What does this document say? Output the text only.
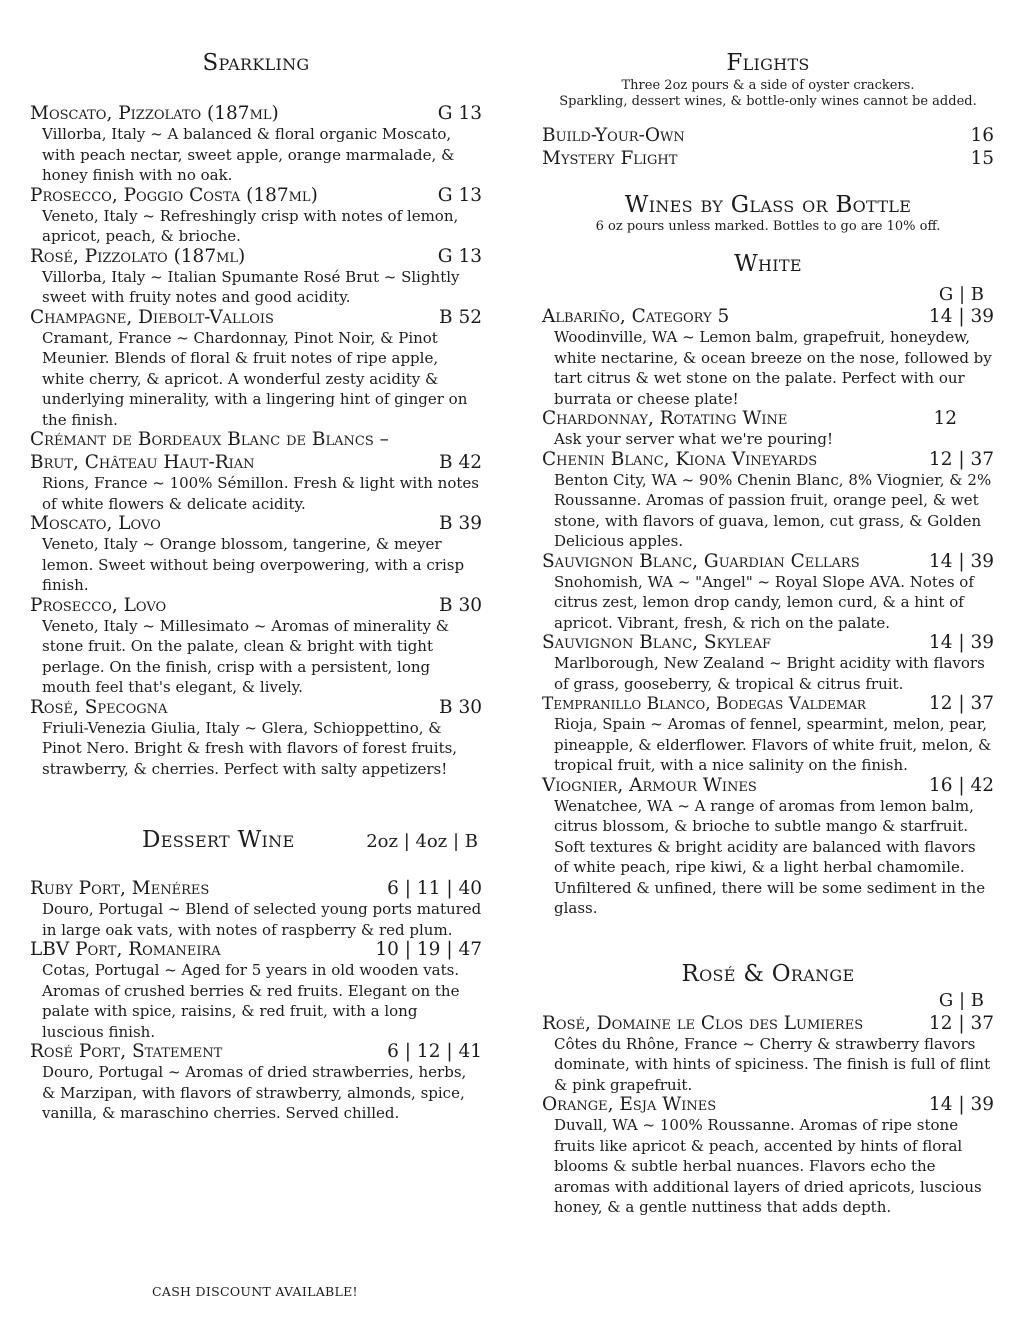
Sparkling
Moscato, Pizzolato (187ml)	G 13
Villorba, Italy ~ A balanced & floral organic Moscato, with peach nectar, sweet apple, orange marmalade, & honey finish with no oak.
Prosecco, Poggio Costa (187ml)	G 13
Veneto, Italy ~ Refreshingly crisp with notes of lemon, apricot, peach, & brioche.
Rosé, Pizzolato (187ml)	G 13
Villorba, Italy ~ Italian Spumante Rosé Brut ~ Slightly sweet with fruity notes and good acidity.
Champagne, Diebolt-Vallois	B 52
Cramant, France ~ Chardonnay, Pinot Noir, & Pinot Meunier. Blends of floral & fruit notes of ripe apple, white cherry, & apricot. A wonderful zesty acidity & underlying minerality, with a lingering hint of ginger on the finish.
Crémant de Bordeaux Blanc de Blancs –
Brut, Château Haut-Rian	B 42
Rions, France ~ 100% Sémillon. Fresh & light with notes of white flowers & delicate acidity.
Moscato, Lovo	B 39
Veneto, Italy ~ Orange blossom, tangerine, & meyer lemon. Sweet without being overpowering, with a crisp finish.
Prosecco, Lovo	B 30
Veneto, Italy ~ Millesimato ~ Aromas of minerality & stone fruit. On the palate, clean & bright with tight perlage. On the finish, crisp with a persistent, long mouth feel that's elegant, & lively.
Rosé, Specogna	B 30
Friuli-Venezia Giulia, Italy ~ Glera, Schioppettino, & Pinot Nero. Bright & fresh with flavors of forest fruits, strawberry, & cherries. Perfect with salty appetizers!
Dessert Wine	2oz | 4oz | B
Ruby Port, Menéres	6 | 11 | 40
Douro, Portugal ~ Blend of selected young ports matured in large oak vats, with notes of raspberry & red plum.
LBV Port, Romaneira	10 | 19 | 47
Cotas, Portugal ~ Aged for 5 years in old wooden vats. Aromas of crushed berries & red fruits. Elegant on the palate with spice, raisins, & red fruit, with a long luscious finish.
Rosé Port, Statement	6 | 12 | 41
Douro, Portugal ~ Aromas of dried strawberries, herbs, & Marzipan, with flavors of strawberry, almonds, spice, vanilla, & maraschino cherries. Served chilled.
Flights
Three 2oz pours & a side of oyster crackers.
Sparkling, dessert wines, & bottle-only wines cannot be added.
Build-Your-Own	16
Mystery Flight	15
Wines by Glass or Bottle
6 oz pours unless marked. Bottles to go are 10% off.
White
G | B
Albariño, Category 5	14 | 39
Woodinville, WA ~ Lemon balm, grapefruit, honeydew, white nectarine, & ocean breeze on the nose, followed by tart citrus & wet stone on the palate. Perfect with our burrata or cheese plate!
Chardonnay, Rotating Wine	12
Ask your server what we're pouring!
Chenin Blanc, Kiona Vineyards	12 | 37
Benton City, WA ~ 90% Chenin Blanc, 8% Viognier, & 2% Roussanne. Aromas of passion fruit, orange peel, & wet stone, with flavors of guava, lemon, cut grass, & Golden Delicious apples.
Sauvignon Blanc, Guardian Cellars	14 | 39
Snohomish, WA ~ "Angel" ~ Royal Slope AVA. Notes of citrus zest, lemon drop candy, lemon curd, & a hint of apricot. Vibrant, fresh, & rich on the palate.
Sauvignon Blanc, Skyleaf	14 | 39
Marlborough, New Zealand ~ Bright acidity with flavors of grass, gooseberry, & tropical & citrus fruit.
Tempranillo Blanco, Bodegas Valdemar	12 | 37
Rioja, Spain ~ Aromas of fennel, spearmint, melon, pear, pineapple, & elderflower. Flavors of white fruit, melon, & tropical fruit, with a nice salinity on the finish.
Viognier, Armour Wines	16 | 42
Wenatchee, WA ~ A range of aromas from lemon balm, citrus blossom, & brioche to subtle mango & starfruit. Soft textures & bright acidity are balanced with flavors of white peach, ripe kiwi, & a light herbal chamomile. Unfiltered & unfined, there will be some sediment in the glass.
Rosé & Orange
G | B
Rosé, Domaine le Clos des Lumieres	12 | 37
Côtes du Rhône, France ~ Cherry & strawberry flavors dominate, with hints of spiciness. The finish is full of flint & pink grapefruit.
Orange, Esja Wines	14 | 39
Duvall, WA ~ 100% Roussanne. Aromas of ripe stone fruits like apricot & peach, accented by hints of floral blooms & subtle herbal nuances. Flavors echo the aromas with additional layers of dried apricots, luscious honey, & a gentle nuttiness that adds depth.
CASH DISCOUNT AVAILABLE!
